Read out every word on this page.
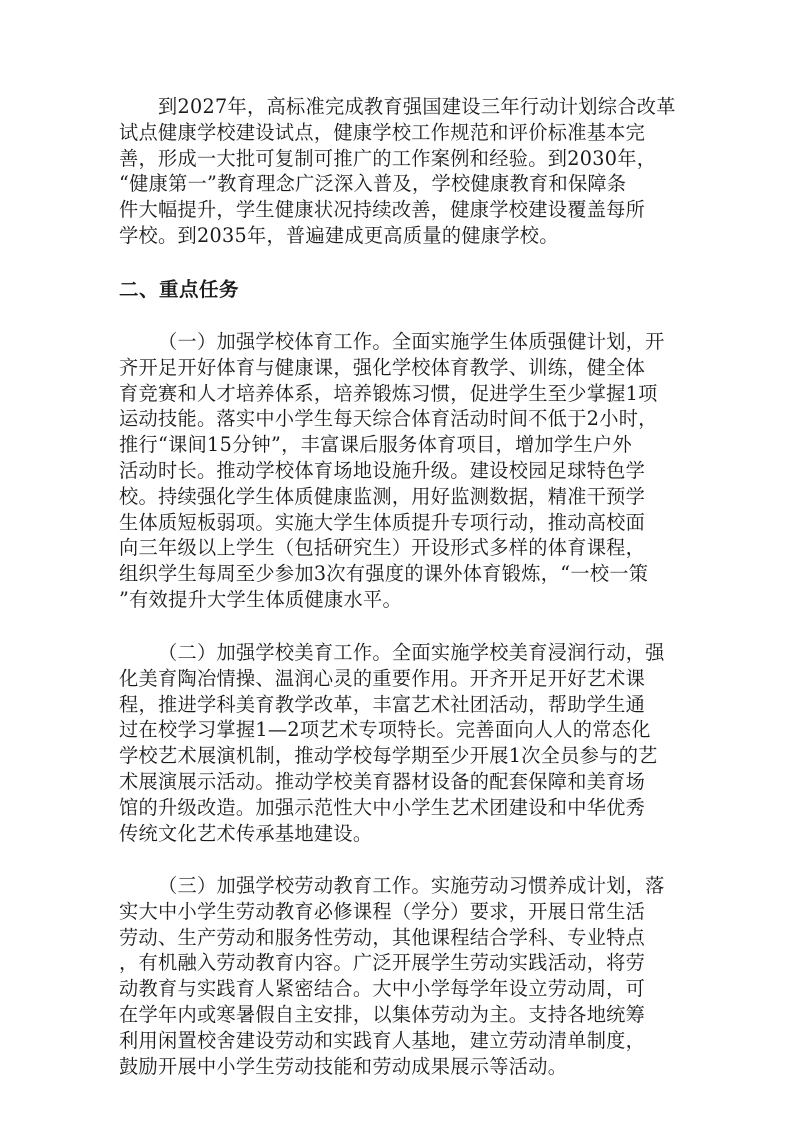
到2027年，高标准完成教育强国建设三年行动计划综合改革
试点健康学校建设试点，健康学校工作规范和评价标准基本完
善，形成一大批可复制可推广的工作案例和经验。到2030年，
“健康第一”教育理念广泛深入普及，学校健康教育和保障条
件大幅提升，学生健康状况持续改善，健康学校建设覆盖每所
学校。到2035年，普遍建成更高质量的健康学校。
二、重点任务
（一）加强学校体育工作。全面实施学生体质强健计划，开
齐开足开好体育与健康课，强化学校体育教学、训练，健全体
育竞赛和人才培养体系，培养锻炼习惯，促进学生至少掌握1项
运动技能。落实中小学生每天综合体育活动时间不低于2小时，
推行“课间15分钟”，丰富课后服务体育项目，增加学生户外
活动时长。推动学校体育场地设施升级。建设校园足球特色学
校。持续强化学生体质健康监测，用好监测数据，精准干预学
生体质短板弱项。实施大学生体质提升专项行动，推动高校面
向三年级以上学生（包括研究生）开设形式多样的体育课程，
组织学生每周至少参加3次有强度的课外体育锻炼，“一校一策
”有效提升大学生体质健康水平。
（二）加强学校美育工作。全面实施学校美育浸润行动，强
化美育陶冶情操、温润心灵的重要作用。开齐开足开好艺术课
程，推进学科美育教学改革，丰富艺术社团活动，帮助学生通
过在校学习掌握1—2项艺术专项特长。完善面向人人的常态化
学校艺术展演机制，推动学校每学期至少开展1次全员参与的艺
术展演展示活动。推动学校美育器材设备的配套保障和美育场
馆的升级改造。加强示范性大中小学生艺术团建设和中华优秀
传统文化艺术传承基地建设。
（三）加强学校劳动教育工作。实施劳动习惯养成计划，落
实大中小学生劳动教育必修课程（学分）要求，开展日常生活
劳动、生产劳动和服务性劳动，其他课程结合学科、专业特点
，有机融入劳动教育内容。广泛开展学生劳动实践活动，将劳
动教育与实践育人紧密结合。大中小学每学年设立劳动周，可
在学年内或寒暑假自主安排，以集体劳动为主。支持各地统筹
利用闲置校舍建设劳动和实践育人基地，建立劳动清单制度，
鼓励开展中小学生劳动技能和劳动成果展示等活动。
